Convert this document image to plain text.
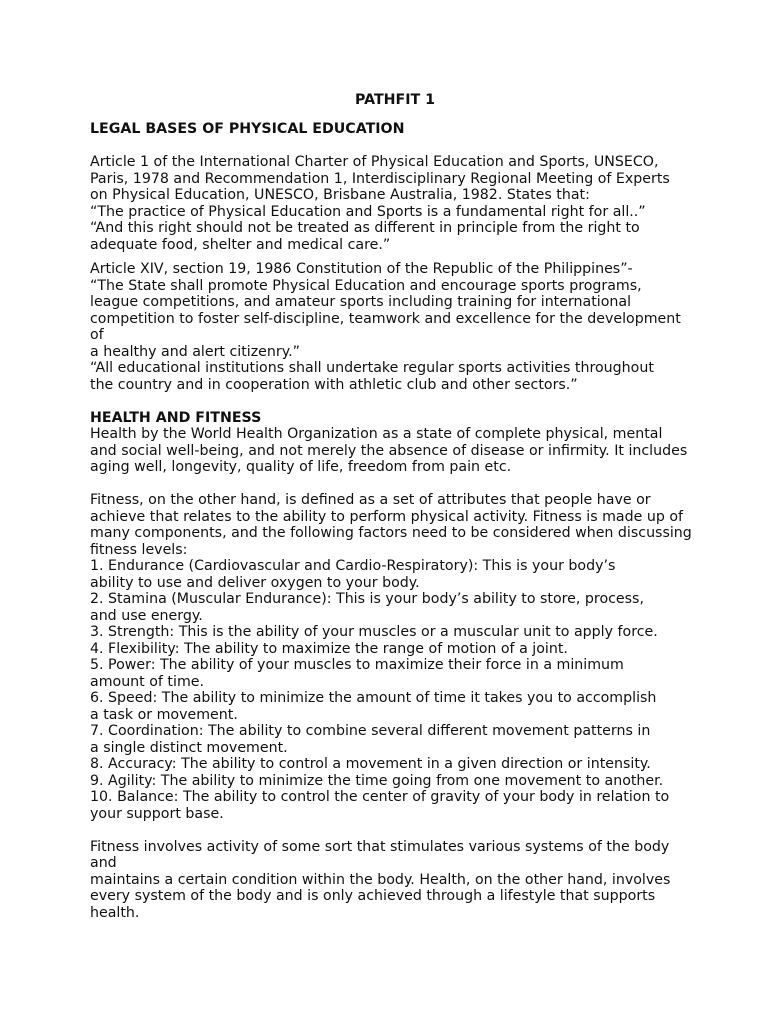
PATHFIT 1
LEGAL BASES OF PHYSICAL EDUCATION
Article 1 of the International Charter of Physical Education and Sports, UNSECO,
Paris, 1978 and Recommendation 1, Interdisciplinary Regional Meeting of Experts
on Physical Education, UNESCO, Brisbane Australia, 1982. States that:
“The practice of Physical Education and Sports is a fundamental right for all..”
“And this right should not be treated as different in principle from the right to
adequate food, shelter and medical care.”
Article XIV, section 19, 1986 Constitution of the Republic of the Philippines”-
“The State shall promote Physical Education and encourage sports programs,
league competitions, and amateur sports including training for international
competition to foster self-discipline, teamwork and excellence for the development
of
a healthy and alert citizenry.”
“All educational institutions shall undertake regular sports activities throughout
the country and in cooperation with athletic club and other sectors.”
HEALTH AND FITNESS
Health by the World Health Organization as a state of complete physical, mental
and social well-being, and not merely the absence of disease or infirmity. It includes
aging well, longevity, quality of life, freedom from pain etc.
Fitness, on the other hand, is defined as a set of attributes that people have or
achieve that relates to the ability to perform physical activity. Fitness is made up of
many components, and the following factors need to be considered when discussing
fitness levels:
1. Endurance (Cardiovascular and Cardio-Respiratory): This is your body’s
ability to use and deliver oxygen to your body.
2. Stamina (Muscular Endurance): This is your body’s ability to store, process,
and use energy.
3. Strength: This is the ability of your muscles or a muscular unit to apply force.
4. Flexibility: The ability to maximize the range of motion of a joint.
5. Power: The ability of your muscles to maximize their force in a minimum
amount of time.
6. Speed: The ability to minimize the amount of time it takes you to accomplish
a task or movement.
7. Coordination: The ability to combine several different movement patterns in
a single distinct movement.
8. Accuracy: The ability to control a movement in a given direction or intensity.
9. Agility: The ability to minimize the time going from one movement to another.
10. Balance: The ability to control the center of gravity of your body in relation to
your support base.
Fitness involves activity of some sort that stimulates various systems of the body
and
maintains a certain condition within the body. Health, on the other hand, involves
every system of the body and is only achieved through a lifestyle that supports
health.
